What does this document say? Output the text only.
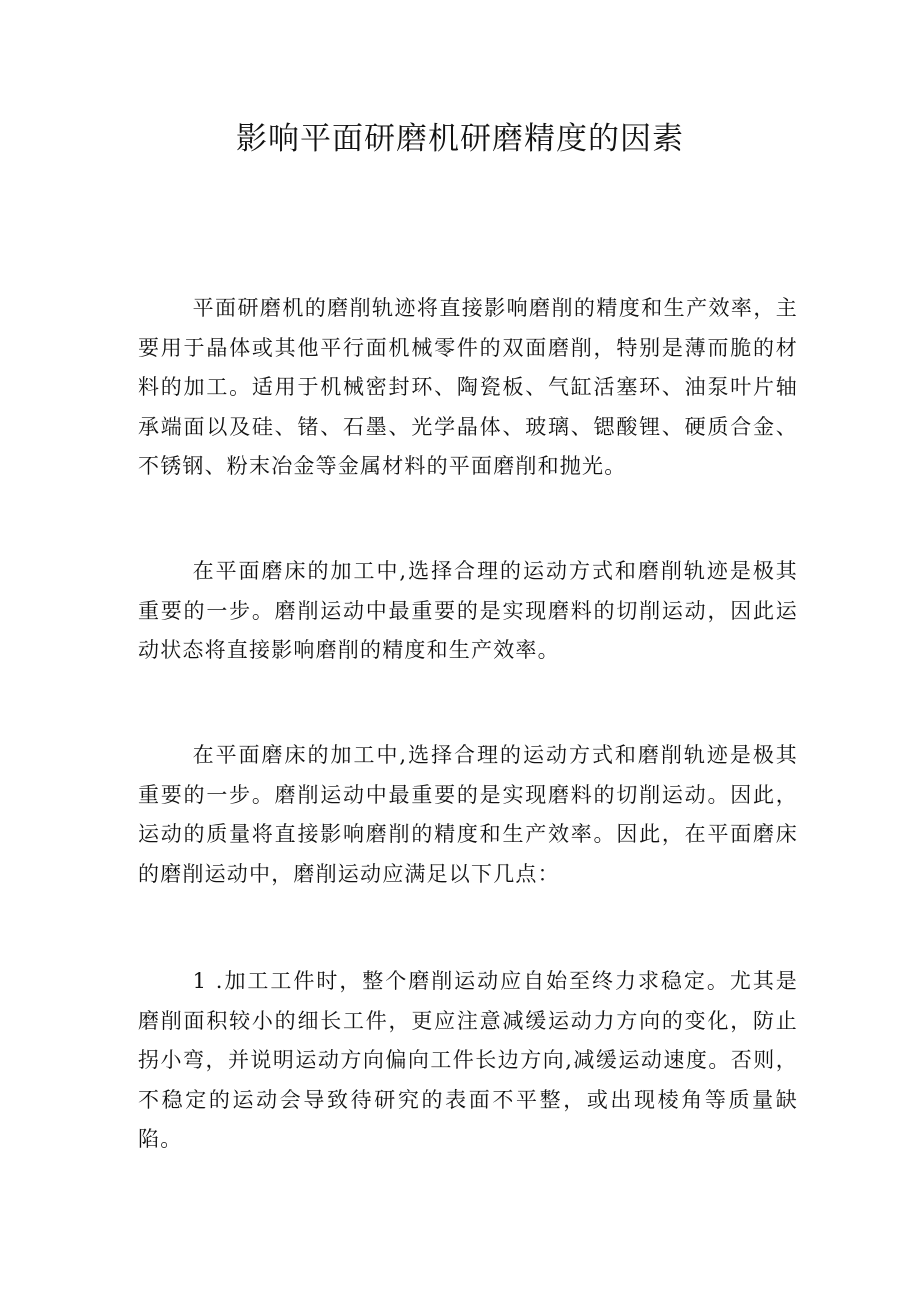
影响平面研磨机研磨精度的因素

平面研磨机的磨削轨迹将直接影响磨削的精度和生产效率，主要用于晶体或其他平行面机械零件的双面磨削，特别是薄而脆的材料的加工。适用于机械密封环、陶瓷板、气缸活塞环、油泵叶片轴承端面以及硅、锗、石墨、光学晶体、玻璃、锶酸锂、硬质合金、不锈钢、粉末冶金等金属材料的平面磨削和抛光。

在平面磨床的加工中,选择合理的运动方式和磨削轨迹是极其重要的一步。磨削运动中最重要的是实现磨料的切削运动，因此运动状态将直接影响磨削的精度和生产效率。

在平面磨床的加工中,选择合理的运动方式和磨削轨迹是极其重要的一步。磨削运动中最重要的是实现磨料的切削运动。因此，运动的质量将直接影响磨削的精度和生产效率。因此，在平面磨床的磨削运动中，磨削运动应满足以下几点：

1 .加工工件时，整个磨削运动应自始至终力求稳定。尤其是磨削面积较小的细长工件，更应注意减缓运动力方向的变化，防止拐小弯，并说明运动方向偏向工件长边方向,减缓运动速度。否则，不稳定的运动会导致待研究的表面不平整，或出现棱角等质量缺陷。
